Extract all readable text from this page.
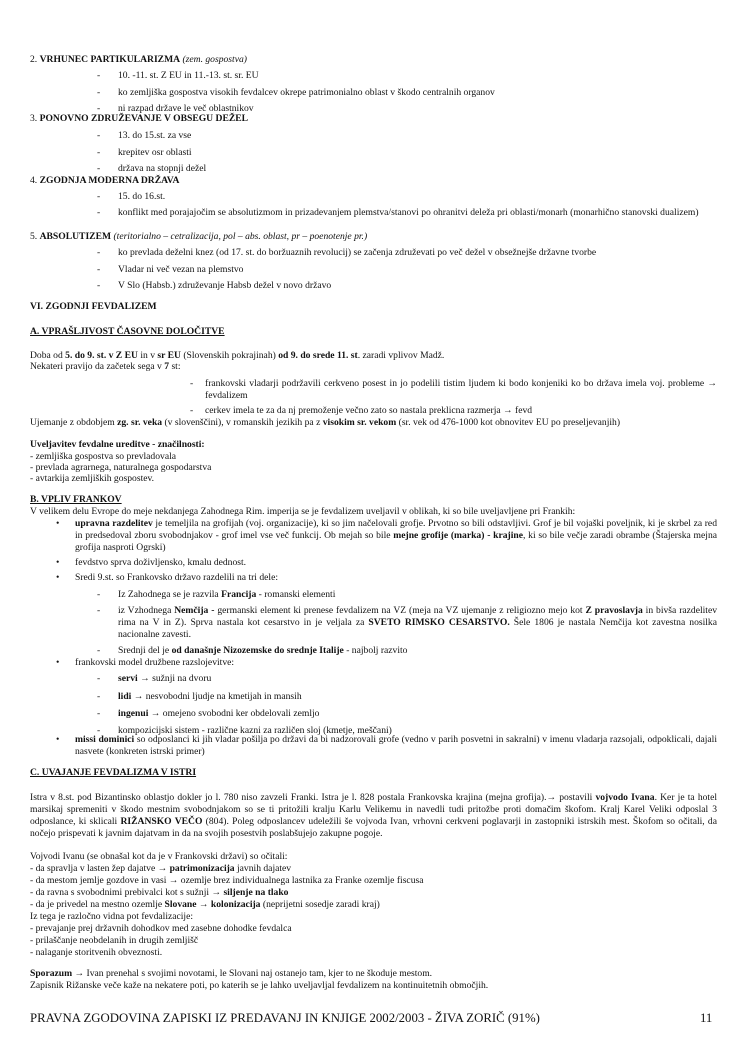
2. VRHUNEC PARTIKULARIZMA (zem. gospostva)
- 10. -11. st. Z EU in 11.-13. st. sr. EU
- ko zemljiška gospostva visokih fevdalcev okrepe patrimonialno oblast v škodo centralnih organov
- ni razpad države le več oblastnikov
3. PONOVNO ZDRUŽEVANJE V OBSEGU DEŽEL
- 13. do 15.st. za vse
- krepitev osr oblasti
- država na stopnji dežel
4. ZGODNJA MODERNA DRŽAVA
- 15. do 16.st.
- konflikt med porajajočim se absolutizmom in prizadevanjem plemstva/stanovi po ohranitvi deleža pri oblasti/monarh (monarhično stanovski dualizem)
5. ABSOLUTIZEM (teritorialno – cetralizacija, pol – abs. oblast, pr – poenotenje pr.)
- ko prevlada deželni knez (od 17. st. do boržuaznih revolucij) se začenja združevati po več dežel v obsežnejše državne tvorbe
- Vladar ni več vezan na plemstvo
- V Slo (Habsb.) združevanje Habsb dežel v novo državo
VI. ZGODNJI FEVDALIZEM
A. VPRAŠLJIVOST ČASOVNE DOLOČITVE
Doba od 5. do 9. st. v Z EU in v sr EU (Slovenskih pokrajinah) od 9. do srede 11. st. zaradi vplivov Madž.
Nekateri pravijo da začetek sega v 7 st:
- frankovski vladarji podržavili cerkveno posest in jo podelili tistim ljudem ki bodo konjeniki ko bo država imela voj. probleme → fevdalizem
- cerkev imela te za da nj premoženje večno zato so nastala preklicna razmerja → fevd
Ujemanje z obdobjem zg. sr. veka (v slovenščini), v romanskih jezikih pa z visokim sr. vekom (sr. vek od 476-1000 kot obnovitev EU po preseljevanjih)
Uveljavitev fevdalne ureditve - značilnosti:
- zemljiška gospostva so prevladovala
- prevlada agrarnega, naturalnega gospodarstva
- avtarkija zemljiških gospostev.
B. VPLIV FRANKOV
V velikem delu Evrope do meje nekdanjega Zahodnega Rim. imperija se je fevdalizem uveljavil v oblikah, ki so bile uveljavljene pri Frankih:
• upravna razdelitev je temeljila na grofijah (voj. organizacije), ki so jim načelovali grofje. Prvotno so bili odstavljivi. Grof je bil vojaški poveljnik, ki je skrbel za red in predsedoval zboru svobodnjakov - grof imel vse več funkcij. Ob mejah so bile mejne grofije (marka) - krajine, ki so bile večje zaradi obrambe (Štajerska mejna grofija nasproti Ogrski)
• fevdstvo sprva doživljensko, kmalu dednost.
• Sredi 9.st. so Frankovsko državo razdelili na tri dele:
- Iz Zahodnega se je razvila Francija - romanski elementi
- iz Vzhodnega Nemčija - germanski element ki prenese fevdalizem na VZ (meja na VZ ujemanje z religiozno mejo kot Z pravoslavja in bivša razdelitev rima na V in Z). Sprva nastala kot cesarstvo in je veljala za SVETO RIMSKO CESARSTVO. Šele 1806 je nastala Nemčija kot zavestna nosilka nacionalne zavesti.
- Srednji del je od današnje Nizozemske do srednje Italije - najbolj razvito
• frankovski model družbene razslojevitve:
- servi → sužnji na dvoru
- lidi → nesvobodni ljudje na kmetijah in mansih
- ingenui → omejeno svobodni ker obdelovali zemljo
- kompozicijski sistem - različne kazni za različen sloj (kmetje, meščani)
• missi dominici so odposlanci ki jih vladar pošilja po državi da bi nadzorovali grofe (vedno v parih posvetni in sakralni) v imenu vladarja razsojali, odpoklicali, dajali nasvete (konkreten istrski primer)
C. UVAJANJE FEVDALIZMA V ISTRI
Istra v 8.st. pod Bizantinsko oblastjo dokler jo l. 780 niso zavzeli Franki. Istra je l. 828 postala Frankovska krajina (mejna grofija).→ postavili vojvodo Ivana. Ker je ta hotel marsikaj spremeniti v škodo mestnim svobodnjakom so se ti pritožili kralju Karlu Velikemu in navedli tudi pritožbe proti domačim škofom. Kralj Karel Veliki odposlal 3 odposlance, ki sklicali RIŽANSKO VEČO (804). Poleg odposlancev udeležili še vojvoda Ivan, vrhovni cerkveni poglavarji in zastopniki istrskih mest. Škofom so očitali, da nočejo prispevati k javnim dajatvam in da na svojih posestvih poslabšujejo zakupne pogoje.
Vojvodi Ivanu (se obnašal kot da je v Frankovski državi) so očitali:
- da spravlja v lasten žep dajatve → patrimonizacija javnih dajatev
- da mestom jemlje gozdove in vasi → ozemlje brez individualnega lastnika za Franke ozemlje fiscusa
- da ravna s svobodnimi prebivalci kot s sužnji → siljenje na tlako
- da je privedel na mestno ozemlje Slovane → kolonizacija (neprijetni sosedje zaradi kraj)
Iz tega je razločno vidna pot fevdalizacije:
- prevajanje prej državnih dohodkov med zasebne dohodke fevdalca
- prilaščanje neobdelanih in drugih zemljišč
- nalaganje storitvenih obveznosti.
Sporazum → Ivan prenehal s svojimi novotami, le Slovani naj ostanejo tam, kjer to ne škoduje mestom.
Zapisnik Rižanske veče kaže na nekatere poti, po katerih se je lahko uveljavljal fevdalizem na kontinuitetnih območjih.
PRAVNA ZGODOVINA ZAPISKI IZ PREDAVANJ IN KNJIGE 2002/2003 - ŽIVA ZORIČ (91%)	11
